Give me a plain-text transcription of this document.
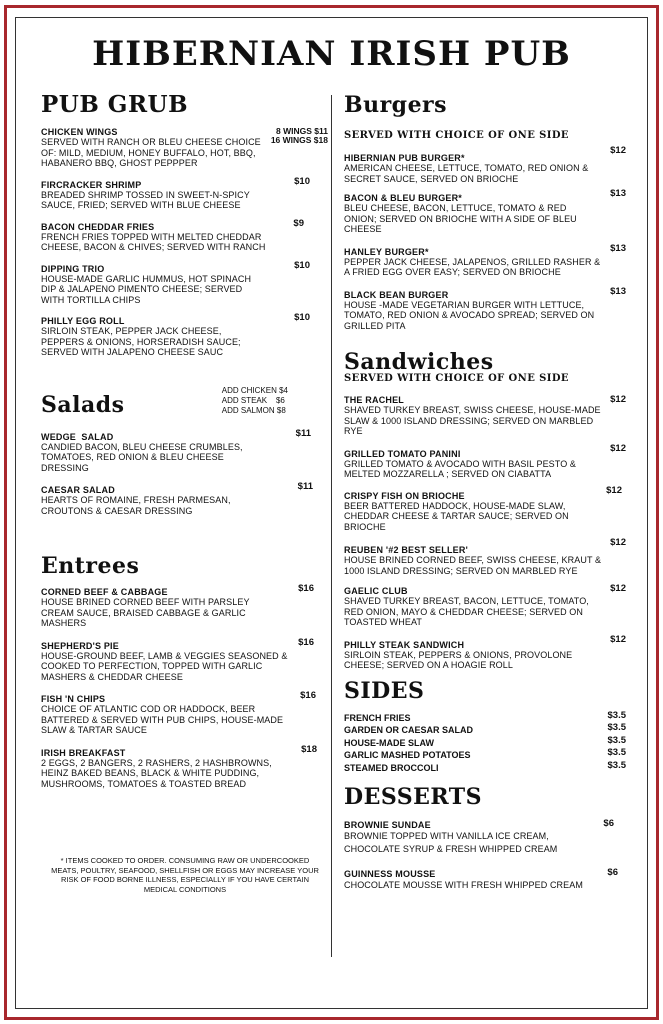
HIBERNIAN IRISH PUB
PUB GRUB
CHICKEN WINGS
SERVED WITH RANCH OR BLEU CHEESE CHOICE OF: MILD, MEDIUM, HONEY BUFFALO, HOT, BBQ, HABANERO BBQ, GHOST PEPPPER
8 WINGS $11
16 WINGS $18
FIRCRACKER SHRIMP
BREADED SHRIMP TOSSED IN SWEET-N-SPICY SAUCE, FRIED; SERVED WITH BLUE CHEESE
$10
BACON CHEDDAR FRIES
FRENCH FRIES TOPPED WITH MELTED CHEDDAR CHEESE, BACON & CHIVES; SERVED WITH RANCH
$9
DIPPING TRIO
HOUSE-MADE GARLIC HUMMUS, HOT SPINACH DIP & JALAPENO PIMENTO CHEESE; SERVED WITH TORTILLA CHIPS
$10
PHILLY EGG ROLL
SIRLOIN STEAK, PEPPER JACK CHEESE, PEPPERS & ONIONS, HORSERADISH SAUCE; SERVED WITH JALAPENO CHEESE SAUC
$10
Salads
ADD CHICKEN $4
ADD STEAK    $6
ADD SALMON $8
WEDGE  SALAD
CANDIED BACON, BLEU CHEESE CRUMBLES, TOMATOES, RED ONION & BLEU CHEESE DRESSING
$11
CAESAR SALAD
HEARTS OF ROMAINE, FRESH PARMESAN, CROUTONS & CAESAR DRESSING
$11
Entrees
CORNED BEEF & CABBAGE
HOUSE BRINED CORNED BEEF WITH PARSLEY CREAM SAUCE, BRAISED CABBAGE & GARLIC MASHERS
$16
SHEPHERD'S PIE
HOUSE-GROUND BEEF, LAMB & VEGGIES SEASONED & COOKED TO PERFECTION, TOPPED WITH GARLIC MASHERS & CHEDDAR CHEESE
$16
FISH 'N CHIPS
CHOICE OF ATLANTIC COD OR HADDOCK, BEER BATTERED & SERVED WITH PUB CHIPS, HOUSE-MADE SLAW & TARTAR SAUCE
$16
IRISH BREAKFAST
2 EGGS, 2 BANGERS, 2 RASHERS, 2 HASHBROWNS, HEINZ BAKED BEANS, BLACK & WHITE PUDDING, MUSHROOMS, TOMATOES & TOASTED BREAD
$18
* ITEMS COOKED TO ORDER. CONSUMING RAW OR UNDERCOOKED MEATS, POULTRY, SEAFOOD, SHELLFISH OR EGGS MAY INCREASE YOUR RISK OF FOOD BORNE ILLNESS, ESPECIALLY IF YOU HAVE CERTAIN MEDICAL CONDITIONS
Burgers
SERVED WITH CHOICE OF ONE SIDE
HIBERNIAN PUB BURGER*
AMERICAN CHEESE, LETTUCE, TOMATO, RED ONION & SECRET SAUCE, SERVED ON BRIOCHE
$12
BACON & BLEU BURGER*
BLEU CHEESE, BACON, LETTUCE, TOMATO & RED ONION; SERVED ON BRIOCHE WITH A SIDE OF BLEU CHEESE
$13
HANLEY BURGER*
PEPPER JACK CHEESE, JALAPENOS, GRILLED RASHER & A FRIED EGG OVER EASY; SERVED ON BRIOCHE
$13
BLACK BEAN BURGER
HOUSE -MADE VEGETARIAN BURGER WITH LETTUCE, TOMATO, RED ONION & AVOCADO SPREAD; SERVED ON GRILLED PITA
$13
Sandwiches
SERVED WITH CHOICE OF ONE SIDE
THE RACHEL
SHAVED TURKEY BREAST, SWISS CHEESE, HOUSE-MADE SLAW & 1000 ISLAND DRESSING; SERVED ON MARBLED RYE
$12
GRILLED TOMATO PANINI
GRILLED TOMATO & AVOCADO WITH BASIL PESTO & MELTED MOZZARELLA ; SERVED ON CIABATTA
$12
CRISPY FISH ON BRIOCHE
BEER BATTERED HADDOCK, HOUSE-MADE SLAW, CHEDDAR CHEESE & TARTAR SAUCE; SERVED ON BRIOCHE
$12
REUBEN '#2 BEST SELLER'
HOUSE BRINED CORNED BEEF, SWISS CHEESE, KRAUT & 1000 ISLAND DRESSING; SERVED ON MARBLED RYE
$12
GAELIC CLUB
SHAVED TURKEY BREAST, BACON, LETTUCE, TOMATO, RED ONION, MAYO & CHEDDAR CHEESE; SERVED ON TOASTED WHEAT
$12
PHILLY STEAK SANDWICH
SIRLOIN STEAK, PEPPERS & ONIONS, PROVOLONE CHEESE; SERVED ON A HOAGIE ROLL
$12
SIDES
FRENCH FRIES	$3.5
GARDEN OR CAESAR SALAD	$3.5
HOUSE-MADE SLAW	$3.5
GARLIC MASHED POTATOES	$3.5
STEAMED BROCCOLI	$3.5
DESSERTS
BROWNIE SUNDAE
BROWNIE TOPPED WITH VANILLA ICE CREAM, CHOCOLATE SYRUP & FRESH WHIPPED CREAM
$6
GUINNESS MOUSSE
CHOCOLATE MOUSSE WITH FRESH WHIPPED CREAM
$6
